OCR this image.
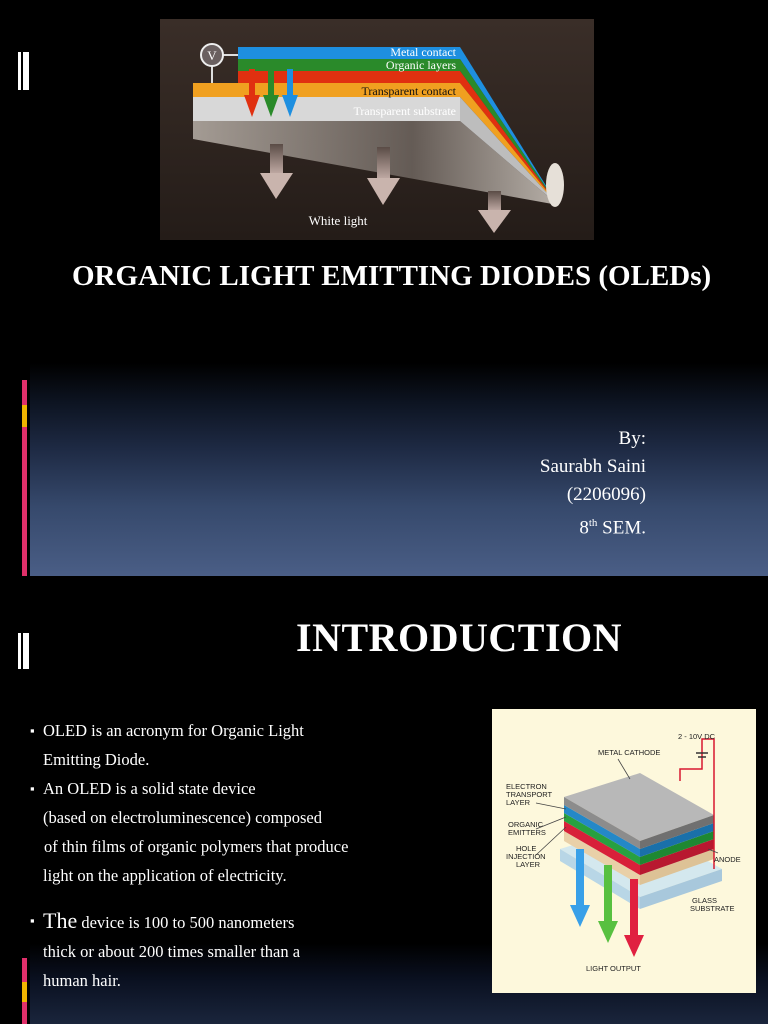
V	Metal contact
Organic layers
Transparent contact
Transparent substrate
White light
ORGANIC LIGHT EMITTING DIODES (OLEDs)
By:
Saurabh Saini
(2206096)
8th SEM.
INTRODUCTION

▪ OLED is an acronym for Organic Light

Emitting Diode.

▪ An OLED is a solid state device

(based on electroluminescence) composed

of thin films of organic polymers that produce

light on the application of electricity.

▪ The device is 100 to 500 nanometers

thick or about 200 times smaller than a

human hair.

2 - 10V DC
METAL CATHODE
ELECTRON
TRANSPORT
LAYER
ORGANIC
EMITTERS
HOLE
INJECTION
LAYER
ANODE
GLASS
SUBSTRATE
LIGHT OUTPUT
